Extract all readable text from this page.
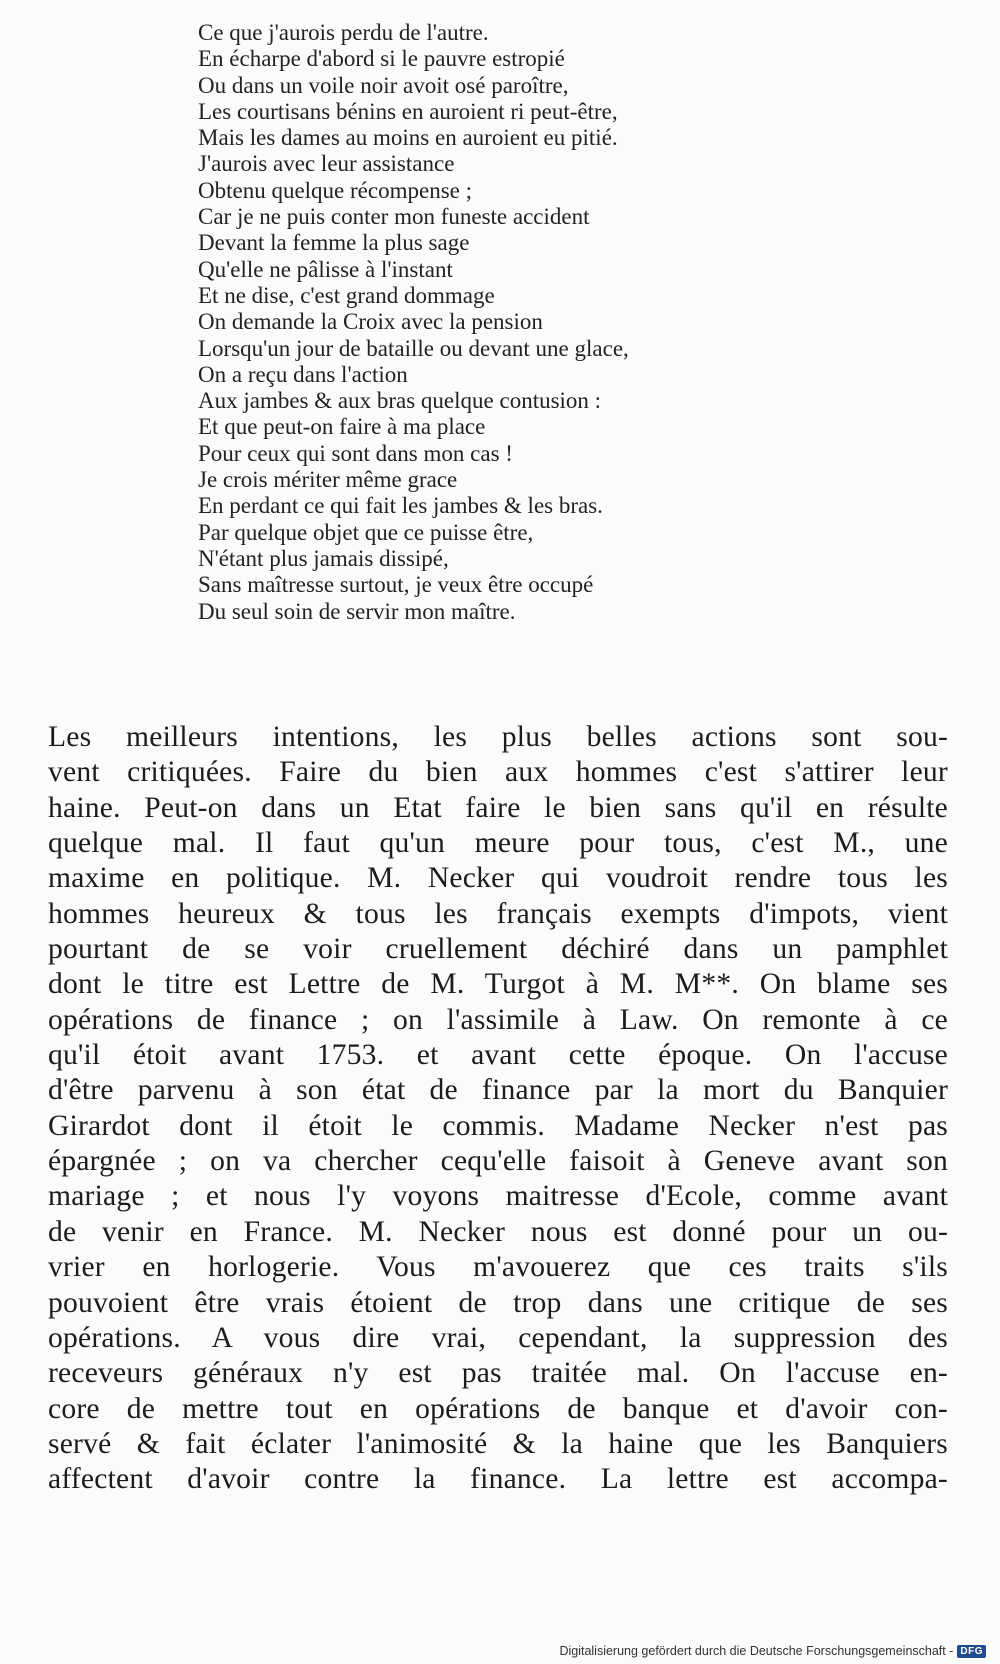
Ce que j'aurois perdu de l'autre.
En écharpe d'abord si le pauvre estropié
Ou dans un voile noir avoit osé paroître,
Les courtisans bénins en auroient ri peut-être,
Mais les dames au moins en auroient eu pitié.
J'aurois avec leur assistance
Obtenu quelque récompense ;
Car je ne puis conter mon funeste accident
Devant la femme la plus sage
Qu'elle ne pâlisse à l'instant
Et ne dise, c'est grand dommage
On demande la Croix avec la pension
Lorsqu'un jour de bataille ou devant une glace,
On a reçu dans l'action
Aux jambes & aux bras quelque contusion :
Et que peut-on faire à ma place
Pour ceux qui sont dans mon cas !
Je crois mériter même grace
En perdant ce qui fait les jambes & les bras.
Par quelque objet que ce puisse être,
N'étant plus jamais dissipé,
Sans maîtresse surtout, je veux être occupé
Du seul soin de servir mon maître.
Les meilleurs intentions, les plus belles actions sont sou-
vent critiquées. Faire du bien aux hommes c'est s'attirer leur
haine. Peut-on dans un Etat faire le bien sans qu'il en résulte
quelque mal. Il faut qu'un meure pour tous, c'est M., une
maxime en politique. M. Necker qui voudroit rendre tous les
hommes heureux & tous les français exempts d'impots, vient
pourtant de se voir cruellement déchiré dans un pamphlet
dont le titre est Lettre de M. Turgot à M. M**. On blame ses
opérations de finance ; on l'assimile à Law. On remonte à ce
qu'il étoit avant 1753. et avant cette époque. On l'accuse
d'être parvenu à son état de finance par la mort du Banquier
Girardot dont il étoit le commis. Madame Necker n'est pas
épargnée ; on va chercher cequ'elle faisoit à Geneve avant son
mariage ; et nous l'y voyons maitresse d'Ecole, comme avant
de venir en France. M. Necker nous est donné pour un ou-
vrier en horlogerie. Vous m'avouerez que ces traits s'ils
pouvoient être vrais étoient de trop dans une critique de ses
opérations. A vous dire vrai, cependant, la suppression des
receveurs généraux n'y est pas traitée mal. On l'accuse en-
core de mettre tout en opérations de banque et d'avoir con-
servé & fait éclater l'animosité & la haine que les Banquiers
affectent d'avoir contre la finance. La lettre est accompa-
Digitalisierung gefördert durch die Deutsche Forschungsgemeinschaft - DFG
